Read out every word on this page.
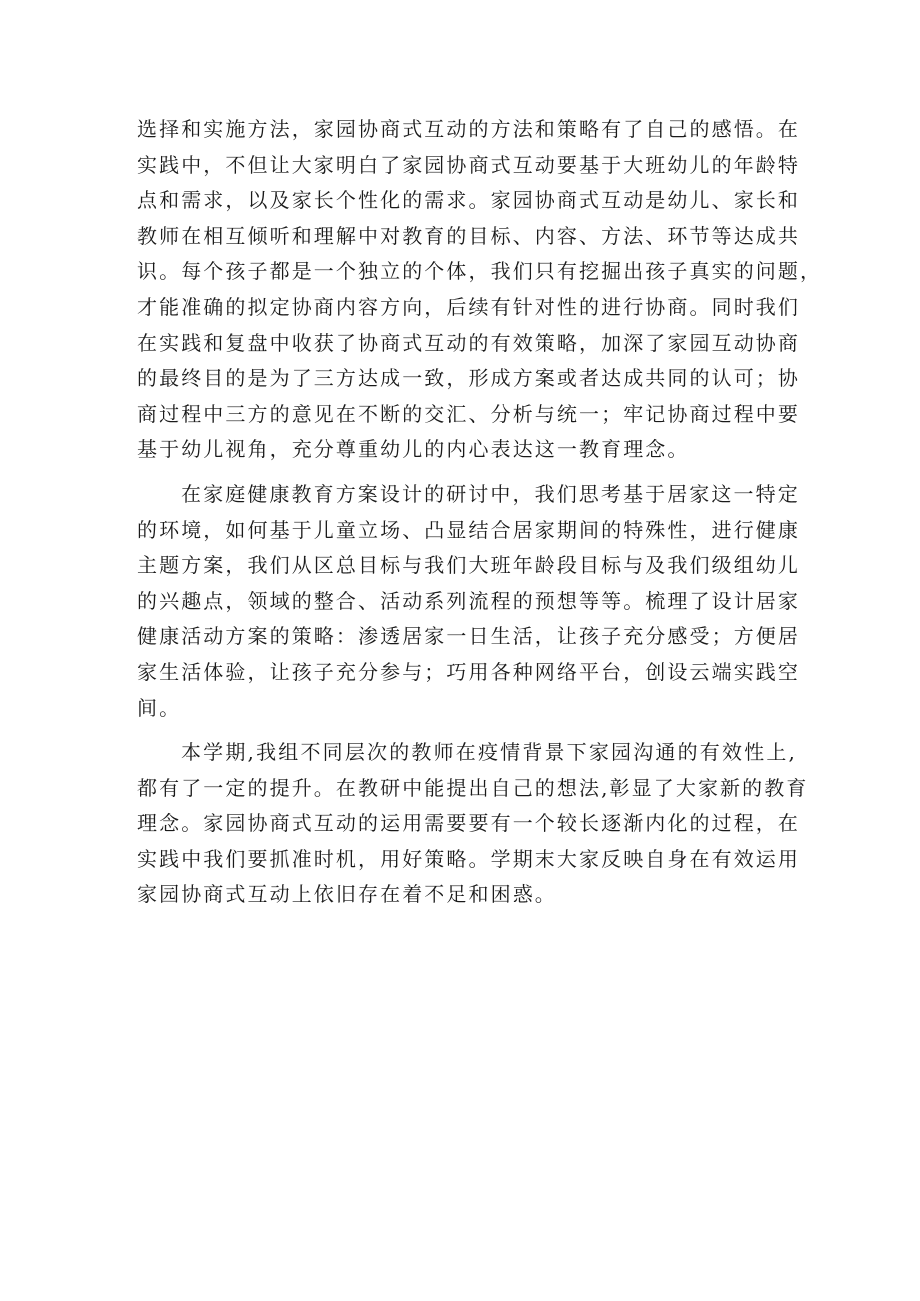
选择和实施方法，家园协商式互动的方法和策略有了自己的感悟。在
实践中，不但让大家明白了家园协商式互动要基于大班幼儿的年龄特
点和需求，以及家长个性化的需求。家园协商式互动是幼儿、家长和
教师在相互倾听和理解中对教育的目标、内容、方法、环节等达成共
识。每个孩子都是一个独立的个体，我们只有挖掘出孩子真实的问题，
才能准确的拟定协商内容方向，后续有针对性的进行协商。同时我们
在实践和复盘中收获了协商式互动的有效策略，加深了家园互动协商
的最终目的是为了三方达成一致，形成方案或者达成共同的认可；协
商过程中三方的意见在不断的交汇、分析与统一；牢记协商过程中要
基于幼儿视角，充分尊重幼儿的内心表达这一教育理念。

在家庭健康教育方案设计的研讨中，我们思考基于居家这一特定
的环境，如何基于儿童立场、凸显结合居家期间的特殊性，进行健康
主题方案，我们从区总目标与我们大班年龄段目标与及我们级组幼儿
的兴趣点，领域的整合、活动系列流程的预想等等。梳理了设计居家
健康活动方案的策略：渗透居家一日生活，让孩子充分感受；方便居
家生活体验，让孩子充分参与；巧用各种网络平台，创设云端实践空
间。

本学期,我组不同层次的教师在疫情背景下家园沟通的有效性上,
都有了一定的提升。在教研中能提出自己的想法,彰显了大家新的教育
理念。家园协商式互动的运用需要要有一个较长逐渐内化的过程，在
实践中我们要抓准时机，用好策略。学期末大家反映自身在有效运用
家园协商式互动上依旧存在着不足和困惑。
